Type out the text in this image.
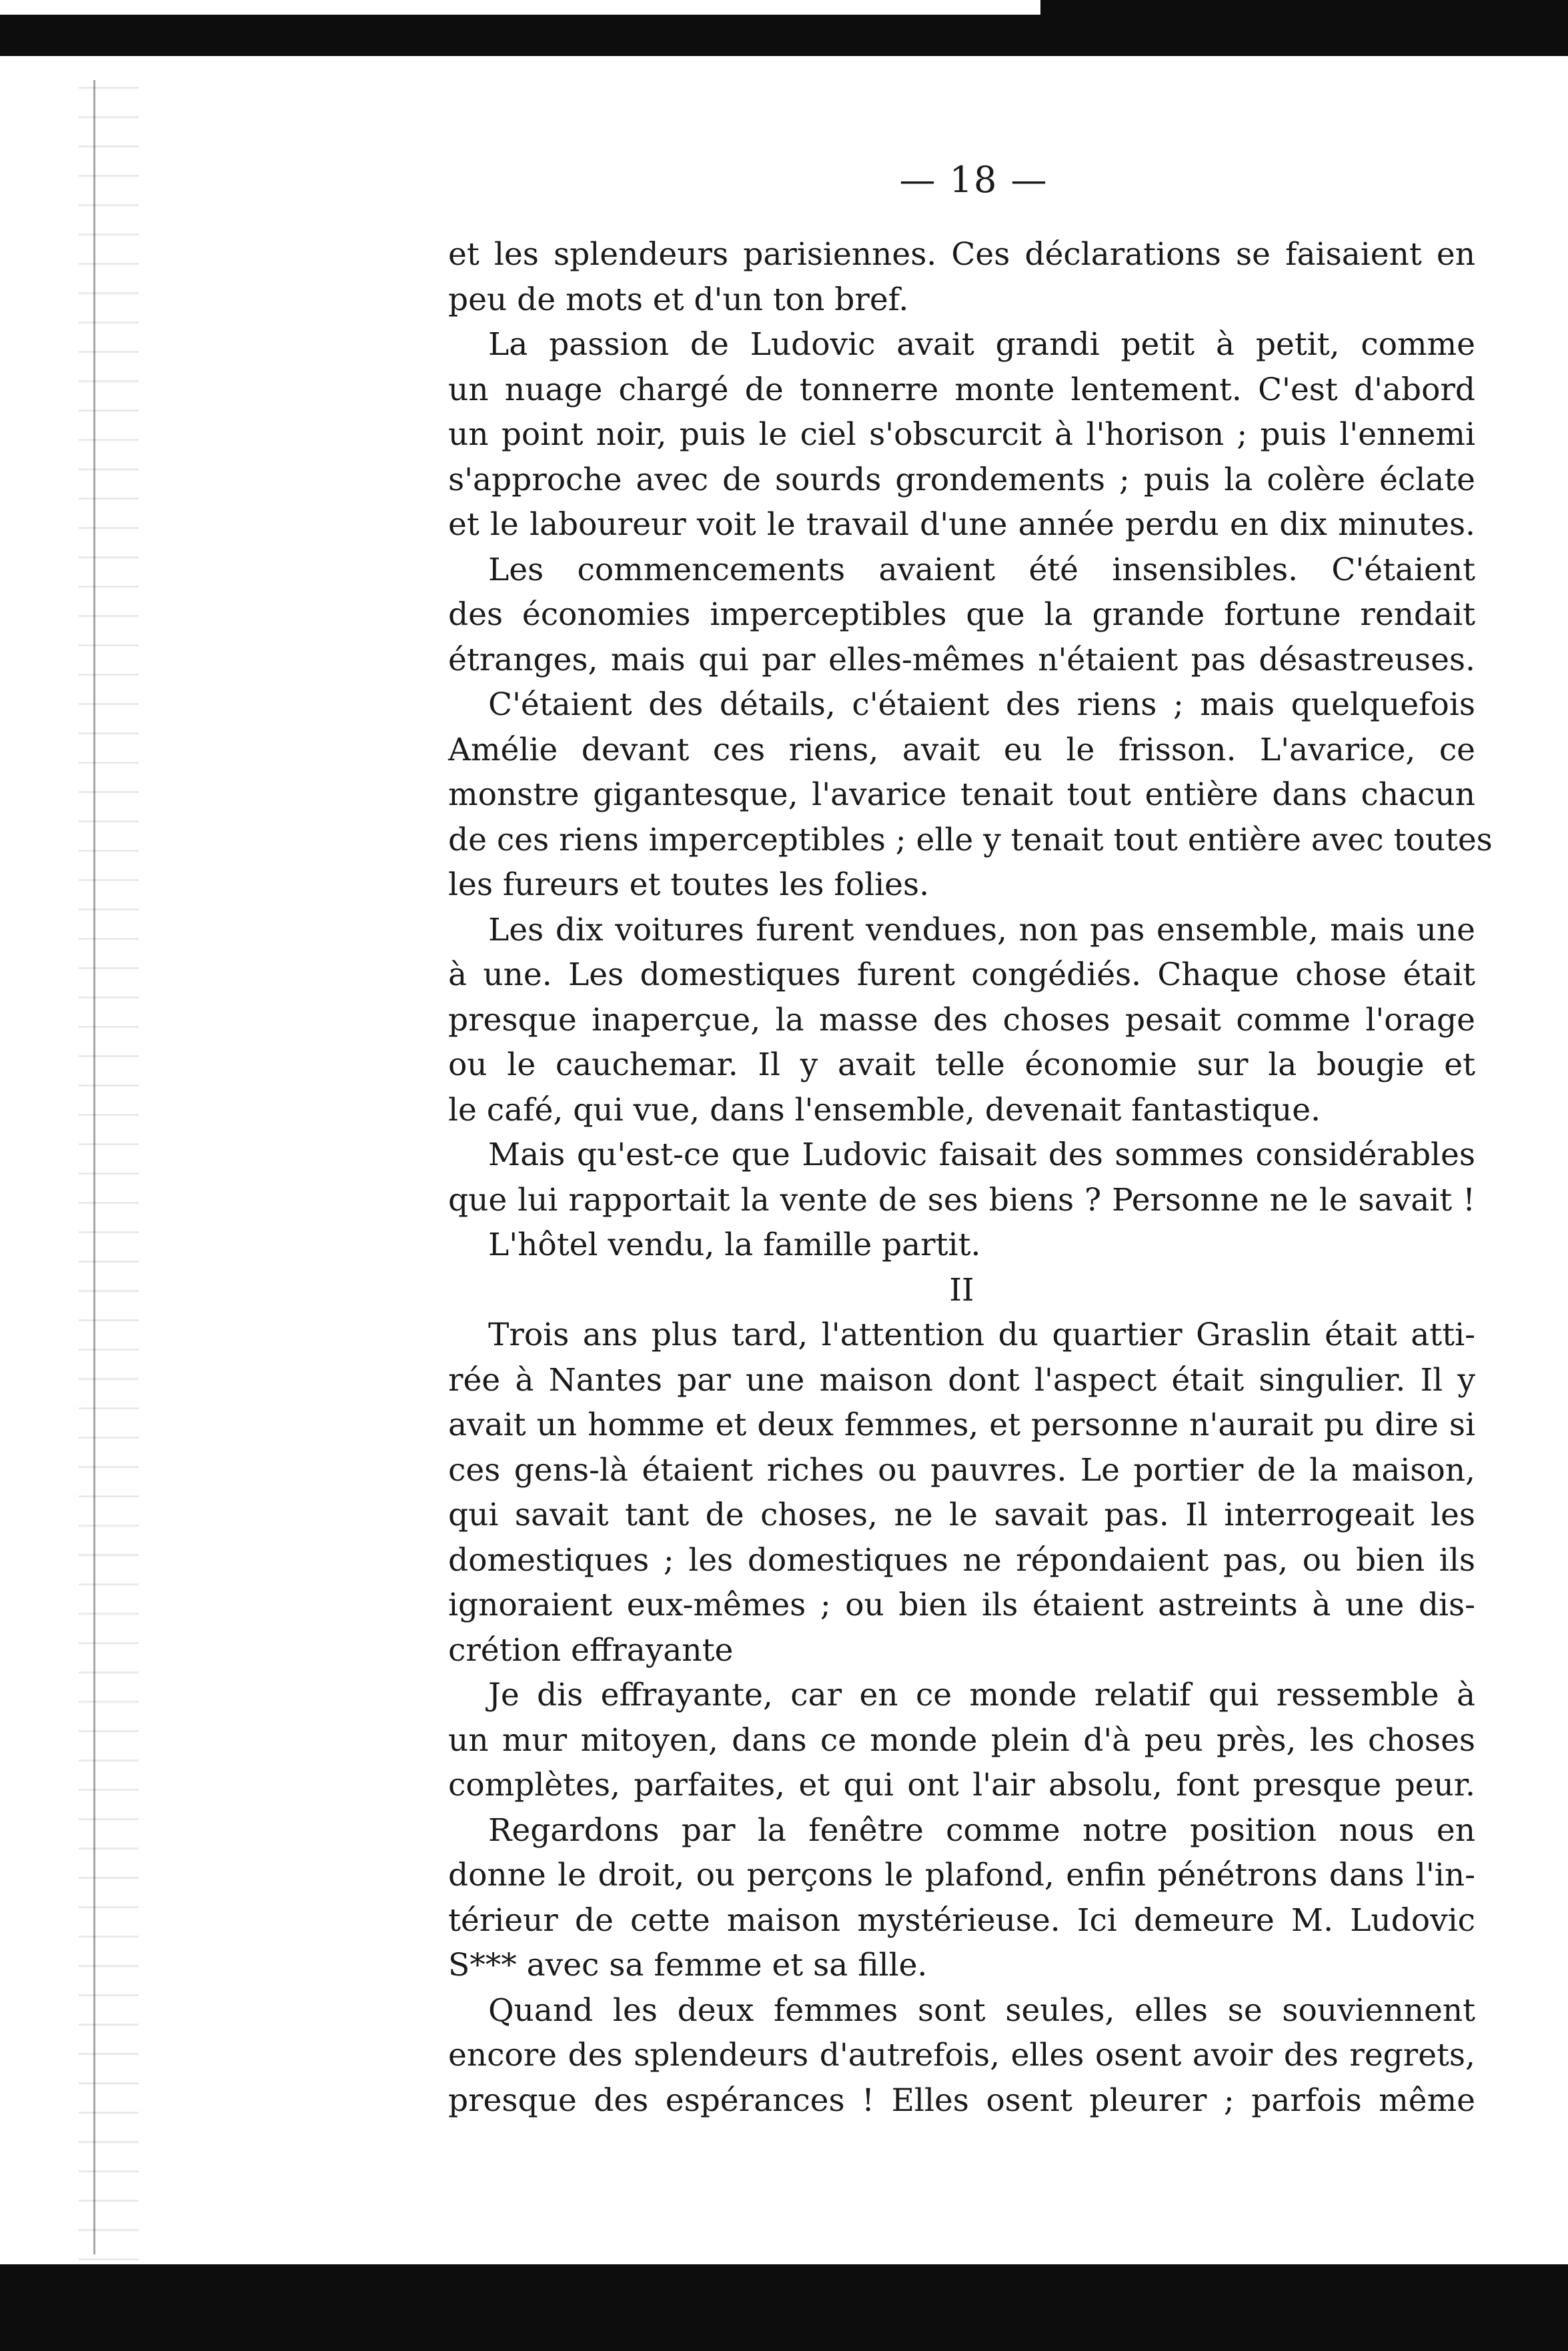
— 18 —
et les splendeurs parisiennes. Ces déclarations se faisaient en
peu de mots et d'un ton bref.
La passion de Ludovic avait grandi petit à petit, comme
un nuage chargé de tonnerre monte lentement. C'est d'abord
un point noir, puis le ciel s'obscurcit à l'horison ; puis l'ennemi
s'approche avec de sourds grondements ; puis la colère éclate
et le laboureur voit le travail d'une année perdu en dix minutes.
Les commencements avaient été insensibles. C'étaient
des économies imperceptibles que la grande fortune rendait
étranges, mais qui par elles-mêmes n'étaient pas désastreuses.
C'étaient des détails, c'étaient des riens ; mais quelquefois
Amélie devant ces riens, avait eu le frisson. L'avarice, ce
monstre gigantesque, l'avarice tenait tout entière dans chacun
de ces riens imperceptibles ; elle y tenait tout entière avec toutes
les fureurs et toutes les folies.
Les dix voitures furent vendues, non pas ensemble, mais une
à une. Les domestiques furent congédiés. Chaque chose était
presque inaperçue, la masse des choses pesait comme l'orage
ou le cauchemar. Il y avait telle économie sur la bougie et
le café, qui vue, dans l'ensemble, devenait fantastique.
Mais qu'est-ce que Ludovic faisait des sommes considérables
que lui rapportait la vente de ses biens ? Personne ne le savait !
L'hôtel vendu, la famille partit.
II
Trois ans plus tard, l'attention du quartier Graslin était atti-
rée à Nantes par une maison dont l'aspect était singulier. Il y
avait un homme et deux femmes, et personne n'aurait pu dire si
ces gens-là étaient riches ou pauvres. Le portier de la maison,
qui savait tant de choses, ne le savait pas. Il interrogeait les
domestiques ; les domestiques ne répondaient pas, ou bien ils
ignoraient eux-mêmes ; ou bien ils étaient astreints à une dis-
crétion effrayante
Je dis effrayante, car en ce monde relatif qui ressemble à
un mur mitoyen, dans ce monde plein d'à peu près, les choses
complètes, parfaites, et qui ont l'air absolu, font presque peur.
Regardons par la fenêtre comme notre position nous en
donne le droit, ou perçons le plafond, enfin pénétrons dans l'in-
térieur de cette maison mystérieuse. Ici demeure M. Ludovic
S*** avec sa femme et sa fille.
Quand les deux femmes sont seules, elles se souviennent
encore des splendeurs d'autrefois, elles osent avoir des regrets,
presque des espérances ! Elles osent pleurer ; parfois même
